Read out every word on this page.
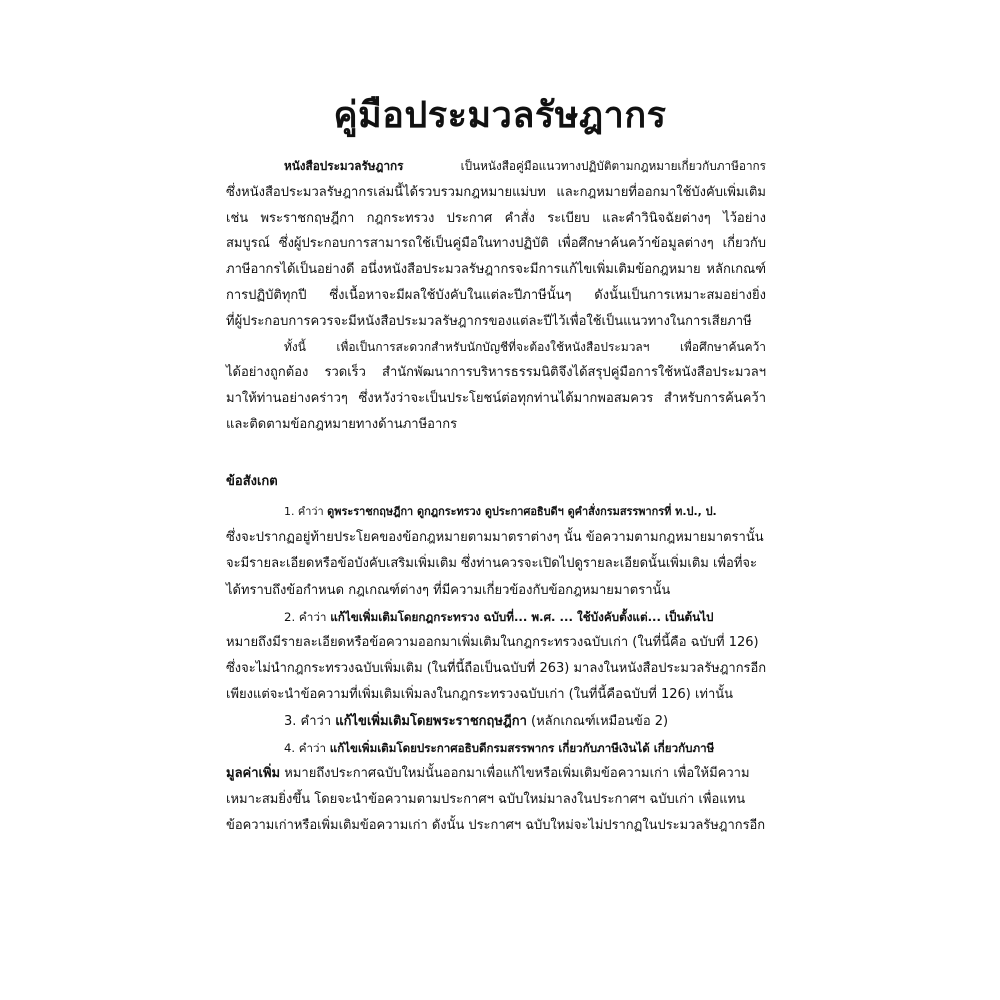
คู่มือประมวลรัษฎากร

หนังสือประมวลรัษฎากร เป็นหนังสือคู่มือแนวทางปฏิบัติตามกฎหมายเกี่ยวกับภาษีอากร
ซึ่งหนังสือประมวลรัษฎากรเล่มนี้ได้รวบรวมกฎหมายแม่บท และกฎหมายที่ออกมาใช้บังคับเพิ่มเติม
เช่น พระราชกฤษฎีกา กฎกระทรวง ประกาศ คำสั่ง ระเบียบ และคำวินิจฉัยต่างๆ ไว้อย่าง
สมบูรณ์ ซึ่งผู้ประกอบการสามารถใช้เป็นคู่มือในทางปฏิบัติ เพื่อศึกษาค้นคว้าข้อมูลต่างๆ เกี่ยวกับ
ภาษีอากรได้เป็นอย่างดี อนึ่งหนังสือประมวลรัษฎากรจะมีการแก้ไขเพิ่มเติมข้อกฎหมาย หลักเกณฑ์
การปฏิบัติทุกปี ซึ่งเนื้อหาจะมีผลใช้บังคับในแต่ละปีภาษีนั้นๆ ดังนั้นเป็นการเหมาะสมอย่างยิ่ง
ที่ผู้ประกอบการควรจะมีหนังสือประมวลรัษฎากรของแต่ละปีไว้เพื่อใช้เป็นแนวทางในการเสียภาษี

ทั้งนี้ เพื่อเป็นการสะดวกสำหรับนักบัญชีที่จะต้องใช้หนังสือประมวลฯ เพื่อศึกษาค้นคว้า
ได้อย่างถูกต้อง รวดเร็ว สำนักพัฒนาการบริหารธรรมนิติจึงได้สรุปคู่มือการใช้หนังสือประมวลฯ
มาให้ท่านอย่างคร่าวๆ ซึ่งหวังว่าจะเป็นประโยชน์ต่อทุกท่านได้มากพอสมควร สำหรับการค้นคว้า
และติดตามข้อกฎหมายทางด้านภาษีอากร

ข้อสังเกต

1. คำว่า ดูพระราชกฤษฎีกา ดูกฎกระทรวง ดูประกาศอธิบดีฯ ดูคำสั่งกรมสรรพากรที่ ท.ป., ป.
ซึ่งจะปรากฏอยู่ท้ายประโยคของข้อกฎหมายตามมาตราต่างๆ นั้น ข้อความตามกฎหมายมาตรานั้น
จะมีรายละเอียดหรือข้อบังคับเสริมเพิ่มเติม ซึ่งท่านควรจะเปิดไปดูรายละเอียดนั้นเพิ่มเติม เพื่อที่จะ
ได้ทราบถึงข้อกำหนด กฎเกณฑ์ต่างๆ ที่มีความเกี่ยวข้องกับข้อกฎหมายมาตรานั้น

2. คำว่า แก้ไขเพิ่มเติมโดยกฎกระทรวง ฉบับที่... พ.ศ. ... ใช้บังคับตั้งแต่... เป็นต้นไป
หมายถึงมีรายละเอียดหรือข้อความออกมาเพิ่มเติมในกฎกระทรวงฉบับเก่า (ในที่นี้คือ ฉบับที่ 126)
ซึ่งจะไม่นำกฎกระทรวงฉบับเพิ่มเติม (ในที่นี้ถือเป็นฉบับที่ 263) มาลงในหนังสือประมวลรัษฎากรอีก
เพียงแต่จะนำข้อความที่เพิ่มเติมเพิ่มลงในกฎกระทรวงฉบับเก่า (ในที่นี้คือฉบับที่ 126) เท่านั้น

3. คำว่า แก้ไขเพิ่มเติมโดยพระราชกฤษฎีกา (หลักเกณฑ์เหมือนข้อ 2)

4. คำว่า แก้ไขเพิ่มเติมโดยประกาศอธิบดีกรมสรรพากร เกี่ยวกับภาษีเงินได้ เกี่ยวกับภาษี
มูลค่าเพิ่ม หมายถึงประกาศฉบับใหม่นั้นออกมาเพื่อแก้ไขหรือเพิ่มเติมข้อความเก่า เพื่อให้มีความ
เหมาะสมยิ่งขึ้น โดยจะนำข้อความตามประกาศฯ ฉบับใหม่มาลงในประกาศฯ ฉบับเก่า เพื่อแทน
ข้อความเก่าหรือเพิ่มเติมข้อความเก่า ดังนั้น ประกาศฯ ฉบับใหม่จะไม่ปรากฏในประมวลรัษฎากรอีก
